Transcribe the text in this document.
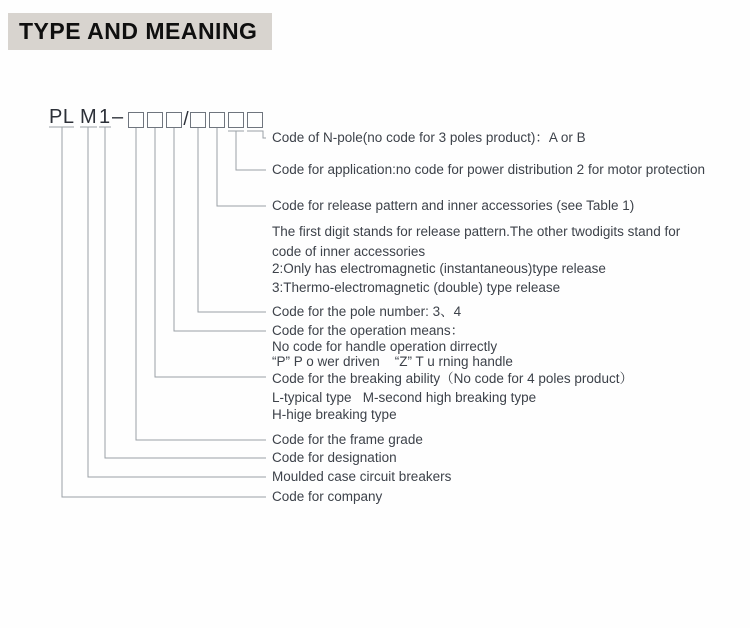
TYPE AND MEANING
PL M 1 –	/
Code of N-pole(no code for 3 poles product)：A or B
Code for application:no code for power distribution 2 for motor protection
Code for release pattern and inner accessories (see Table 1)
The first digit stands for release pattern.The other twodigits stand for
code of inner accessories
2:Only has electromagnetic (instantaneous)type release
3:Thermo-electromagnetic (double) type release
Code for the pole number: 3、4
Code for the operation means：
No code for handle operation dirrectly
“P” P o wer driven    “Z” T u rning handle
Code for the breaking ability（No code for 4 poles product）
L-typical type   M-second high breaking type
H-hige breaking type
Code for the frame grade
Code for designation
Moulded case circuit breakers
Code for company
